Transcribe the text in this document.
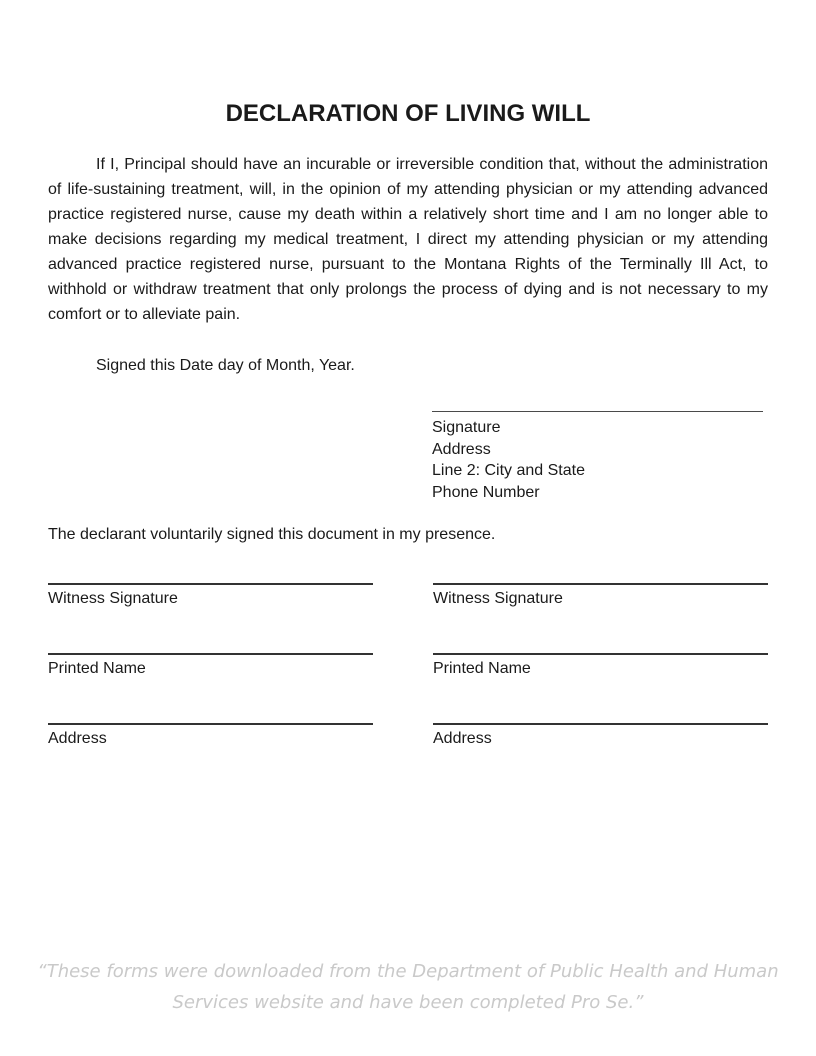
DECLARATION OF LIVING WILL

If I, Principal should have an incurable or irreversible condition that, without the administration of life-sustaining treatment, will, in the opinion of my attending physician or my attending advanced practice registered nurse, cause my death within a relatively short time and I am no longer able to make decisions regarding my medical treatment, I direct my attending physician or my attending advanced practice registered nurse, pursuant to the Montana Rights of the Terminally Ill Act, to withhold or withdraw treatment that only prolongs the process of dying and is not necessary to my comfort or to alleviate pain.

Signed this Date day of Month, Year.

Signature
Address
Line 2: City and State
Phone Number

The declarant voluntarily signed this document in my presence.

Witness Signature	Witness Signature
Printed Name	Printed Name
Address	Address
“These forms were downloaded from the Department of Public Health and Human
Services website and have been completed Pro Se.”
